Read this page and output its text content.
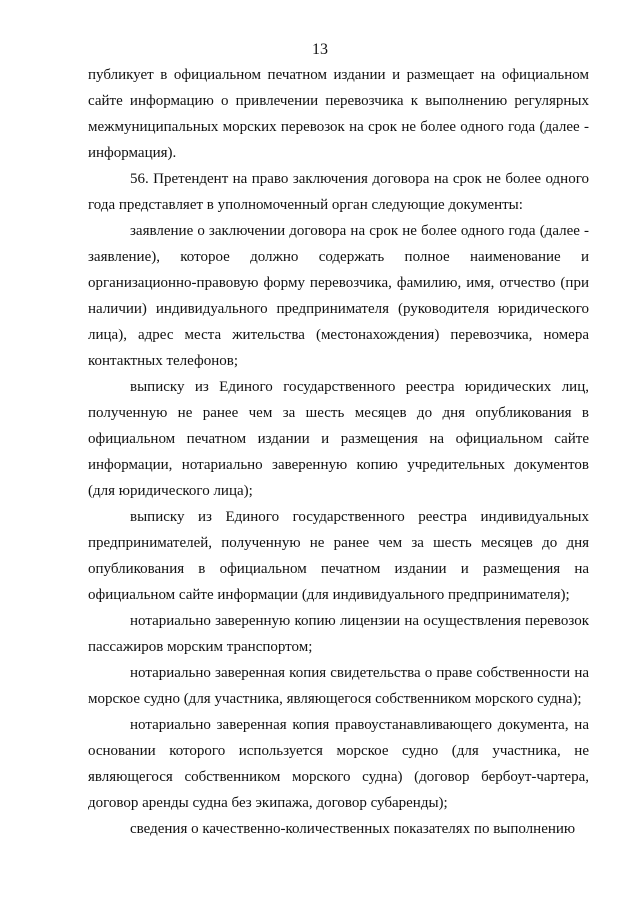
13

публикует в официальном печатном издании и размещает на официальном сайте информацию о привлечении перевозчика к выполнению регулярных межмуниципальных морских перевозок на срок не более одного года (далее - информация).

56. Претендент на право заключения договора на срок не более одного года представляет в уполномоченный орган следующие документы:

заявление о заключении договора на срок не более одного года (далее - заявление), которое должно содержать полное наименование и организационно-правовую форму перевозчика, фамилию, имя, отчество (при наличии) индивидуального предпринимателя (руководителя юридического лица), адрес места жительства (местонахождения) перевозчика, номера контактных телефонов;

выписку из Единого государственного реестра юридических лиц, полученную не ранее чем за шесть месяцев до дня опубликования в официальном печатном издании и размещения на официальном сайте информации, нотариально заверенную копию учредительных документов (для юридического лица);

выписку из Единого государственного реестра индивидуальных предпринимателей, полученную не ранее чем за шесть месяцев до дня опубликования в официальном печатном издании и размещения на официальном сайте информации (для индивидуального предпринимателя);

нотариально заверенную копию лицензии на осуществления перевозок пассажиров морским транспортом;

нотариально заверенная копия свидетельства о праве собственности на морское судно (для участника, являющегося собственником морского судна);

нотариально заверенная копия правоустанавливающего документа, на основании которого используется морское судно (для участника, не являющегося собственником морского судна) (договор бербоут-чартера, договор аренды судна без экипажа, договор субаренды);

сведения о качественно-количественных показателях по выполнению
